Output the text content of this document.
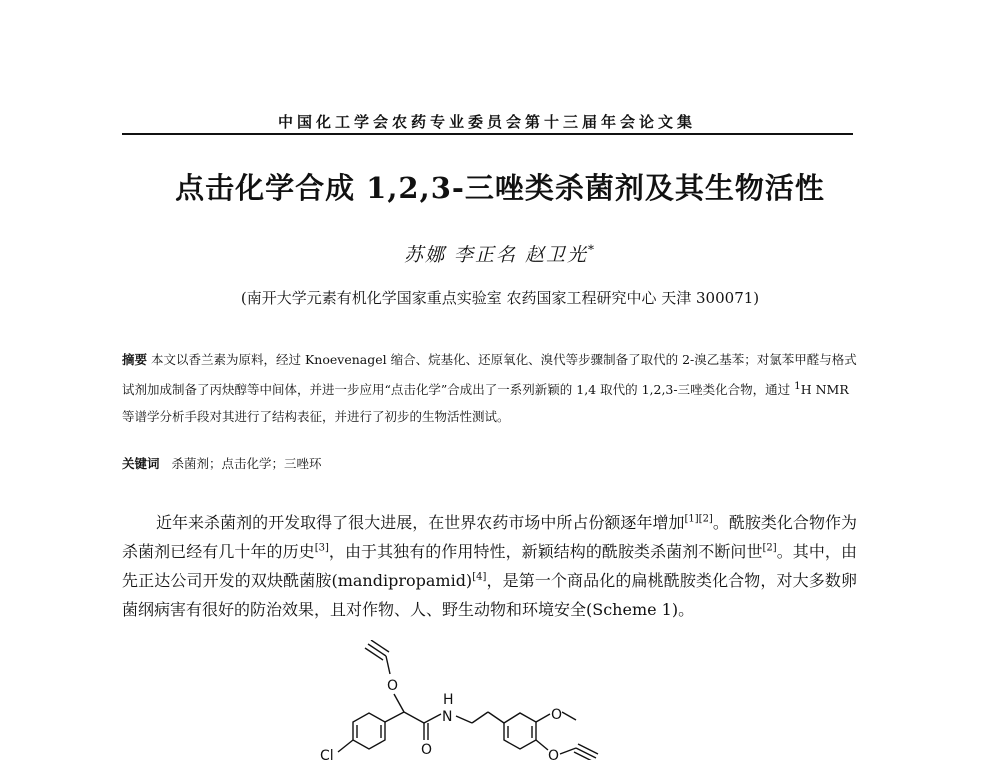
中国化工学会农药专业委员会第十三届年会论文集
点击化学合成 1,2,3-三唑类杀菌剂及其生物活性
苏娜 李正名 赵卫光*
(南开大学元素有机化学国家重点实验室 农药国家工程研究中心 天津 300071)
摘要 本文以香兰素为原料，经过 Knoevenagel 缩合、烷基化、还原氧化、溴代等步骤制备了取代的 2-溴乙基苯；对氯苯甲醛与格式试剂加成制备了丙炔醇等中间体，并进一步应用“点击化学”合成出了一系列新颖的 1,4 取代的 1,2,3-三唑类化合物，通过 $^1$H NMR 等谱学分析手段对其进行了结构表征，并进行了初步的生物活性测试。
关键词 杀菌剂；点击化学；三唑环
近年来杀菌剂的开发取得了很大进展，在世界农药市场中所占份额逐年增加[1][2]。酰胺类化合物作为杀菌剂已经有几十年的历史[3]，由于其独有的作用特性，新颖结构的酰胺类杀菌剂不断问世[2]。其中，由先正达公司开发的双炔酰菌胺(mandipropamid)[4]，是第一个商品化的扁桃酰胺类化合物，对大多数卵菌纲病害有很好的防治效果，且对作物、人、野生动物和环境安全(Scheme 1)。
O
H
N
O
O
O
Cl
